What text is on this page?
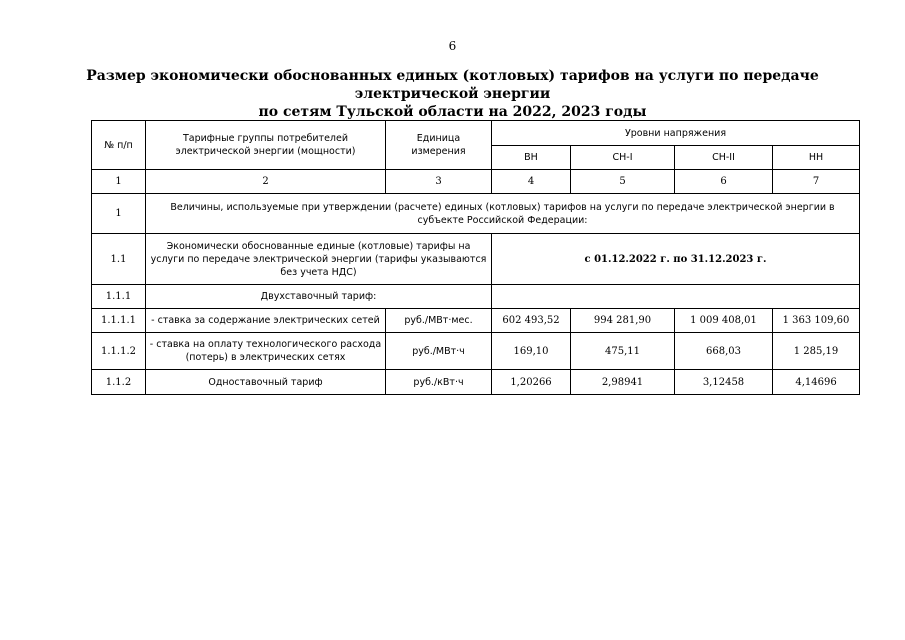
6
Размер экономически обоснованных единых (котловых) тарифов на услуги по передаче электрической энергии
по сетям Тульской области на 2022, 2023 годы
№ п/п	Тарифные группы потребителей электрической энергии (мощности)	Единица измерения	Уровни напряжения			
			ВН	СН-I	СН-II	НН
1	2	3	4	5	6	7
1	Величины, используемые при утверждении (расчете) единых (котловых) тарифов на услуги по передаче электрической энергии в субъекте Российской Федерации:					
1.1	Экономически обоснованные единые (котловые) тарифы на услуги по передаче электрической энергии (тарифы указываются без учета НДС)		с 01.12.2022 г. по 31.12.2023 г.			
1.1.1	Двухставочный тариф:					
1.1.1.1	- ставка за содержание электрических сетей	руб./МВт·мес.	602 493,52	994 281,90	1 009 408,01	1 363 109,60
1.1.1.2	- ставка на оплату технологического расхода (потерь) в электрических сетях	руб./МВт·ч	169,10	475,11	668,03	1 285,19
1.1.2	Одноставочный тариф	руб./кВт·ч	1,20266	2,98941	3,12458	4,14696
